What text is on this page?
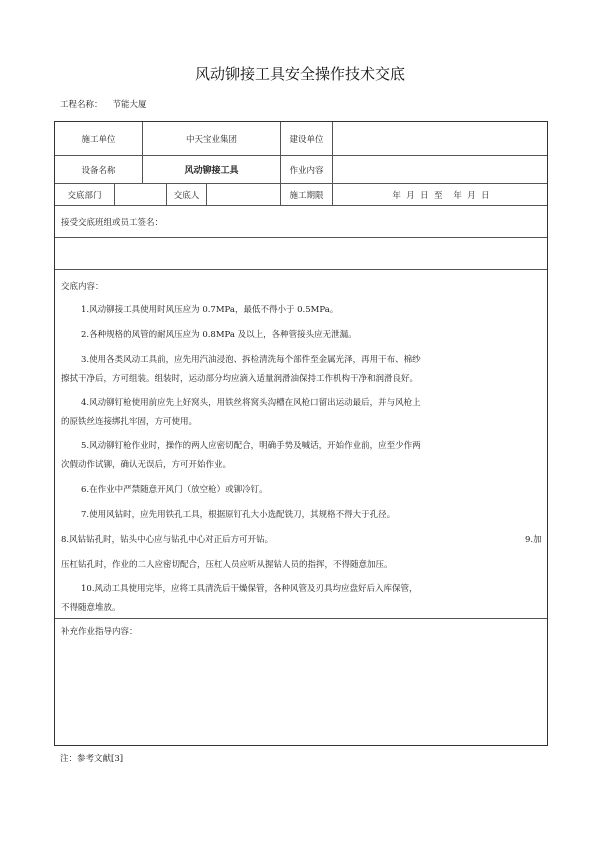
风动铆接工具安全操作技术交底
工程名称： 节能大厦
施工单位	中天宝业集团	建设单位
设备名称	风动铆接工具	作业内容
交底部门	交底人	施工期限	年  月  日  至    年  月  日
接受交底班组或员工签名：
交底内容：
1.风动铆接工具使用时风压应为 0.7MPa，最低不得小于 0.5MPa。
2.各种规格的风管的耐风压应为 0.8MPa 及以上，各种管接头应无泄漏。
3.使用各类风动工具前，应先用汽油浸泡、拆检清洗每个部件至金属光泽，再用干布、棉纱
擦拭干净后，方可组装。组装时，运动部分均应滴入适量润滑油保持工作机构干净和润滑良好。
4.风动铆钉枪使用前应先上好窝头，用铁丝将窝头沟槽在风枪口留出运动最后，并与风枪上
的原铁丝连接绑扎牢固，方可使用。
5.风动铆钉枪作业时，操作的两人应密切配合，明确手势及喊话，开始作业前，应至少作两
次假动作试铆，确认无误后，方可开始作业。
6.在作业中严禁随意开风门（放空枪）或铆冷钉。
7.使用风钻时，应先用铁孔工具，根据原钉孔大小选配铣刀，其规格不得大于孔径。
8.风钻钻孔时，钻头中心应与钻孔中心对正后方可开钻。	9.加
压杠钻孔时，作业的二人应密切配合，压杠人员应听从握钻人员的指挥，不得随意加压。
10.风动工具使用完毕，应将工具清洗后干燥保管，各种风管及刃具均应盘好后入库保管，
不得随意堆放。
补充作业指导内容：
注：参考文献[3]
